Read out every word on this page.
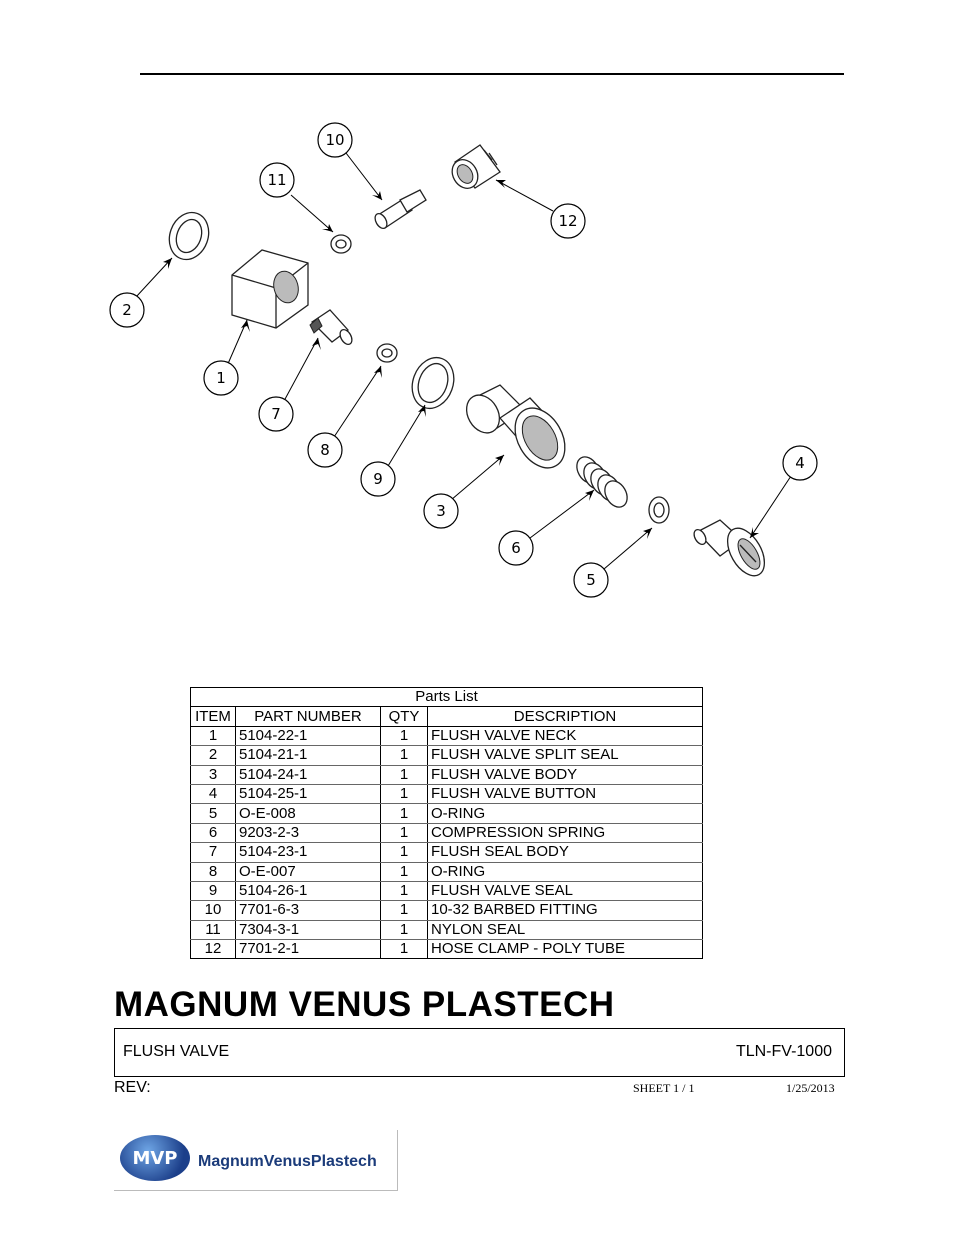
1
2
3
4
5
6
7
8
9
10
11
12
Parts List			
ITEM	PART NUMBER	QTY	DESCRIPTION
1	5104-22-1	1	FLUSH VALVE NECK
2	5104-21-1	1	FLUSH VALVE SPLIT SEAL
3	5104-24-1	1	FLUSH VALVE BODY
4	5104-25-1	1	FLUSH VALVE BUTTON
5	O-E-008	1	O-RING
6	9203-2-3	1	COMPRESSION SPRING
7	5104-23-1	1	FLUSH SEAL BODY
8	O-E-007	1	O-RING
9	5104-26-1	1	FLUSH VALVE SEAL
10	7701-6-3	1	10-32 BARBED FITTING
11	7304-3-1	1	NYLON SEAL
12	7701-2-1	1	HOSE CLAMP - POLY TUBE
MAGNUM VENUS PLASTECH
FLUSH VALVE	TLN-FV-1000
REV:	SHEET 1 / 1	1/25/2013
MVP	MagnumVenusPlastech
